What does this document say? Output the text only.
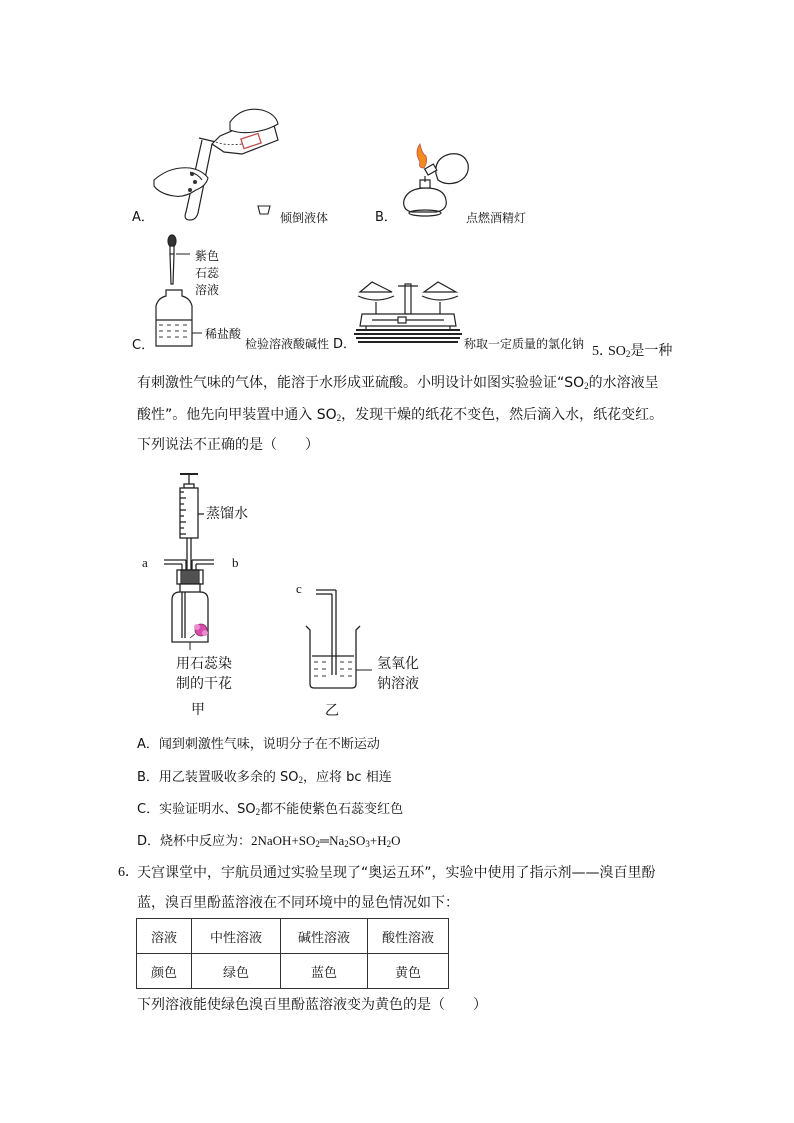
A．	倾倒液体	B．	点燃酒精灯
C．
紫色
石蕊
溶液
稀盐酸
检验溶液酸碱性 D．	称取一定质量的氯化钠 5．
$SO_2$是一种
有刺激性气味的气体，能溶于水形成亚硫酸。小明设计如图实验验证“$SO_2$的水溶液呈
酸性”。他先向甲装置中通入 $SO_2$，发现干燥的纸花不变色，然后滴入水，纸花变红。
下列说法不正确的是（　　）
蒸馏水
a	b
c
用石蕊染
制的干花
氢氧化
钠溶液
甲	乙
A．闻到刺激性气味，说明分子在不断运动
B．用乙装置吸收多余的 $SO_2$，应将 bc 相连
C．实验证明水、$SO_2$都不能使紫色石蕊变红色
D．烧杯中反应为：$2NaOH+SO_2═Na_2SO_3+H_2O$
6．
天宫课堂中，宇航员通过实验呈现了“奥运五环”，实验中使用了指示剂——溴百里酚
蓝，溴百里酚蓝溶液在不同环境中的显色情况如下：
溶液	中性溶液	碱性溶液	酸性溶液
颜色	绿色	蓝色	黄色
下列溶液能使绿色溴百里酚蓝溶液变为黄色的是（　　）
